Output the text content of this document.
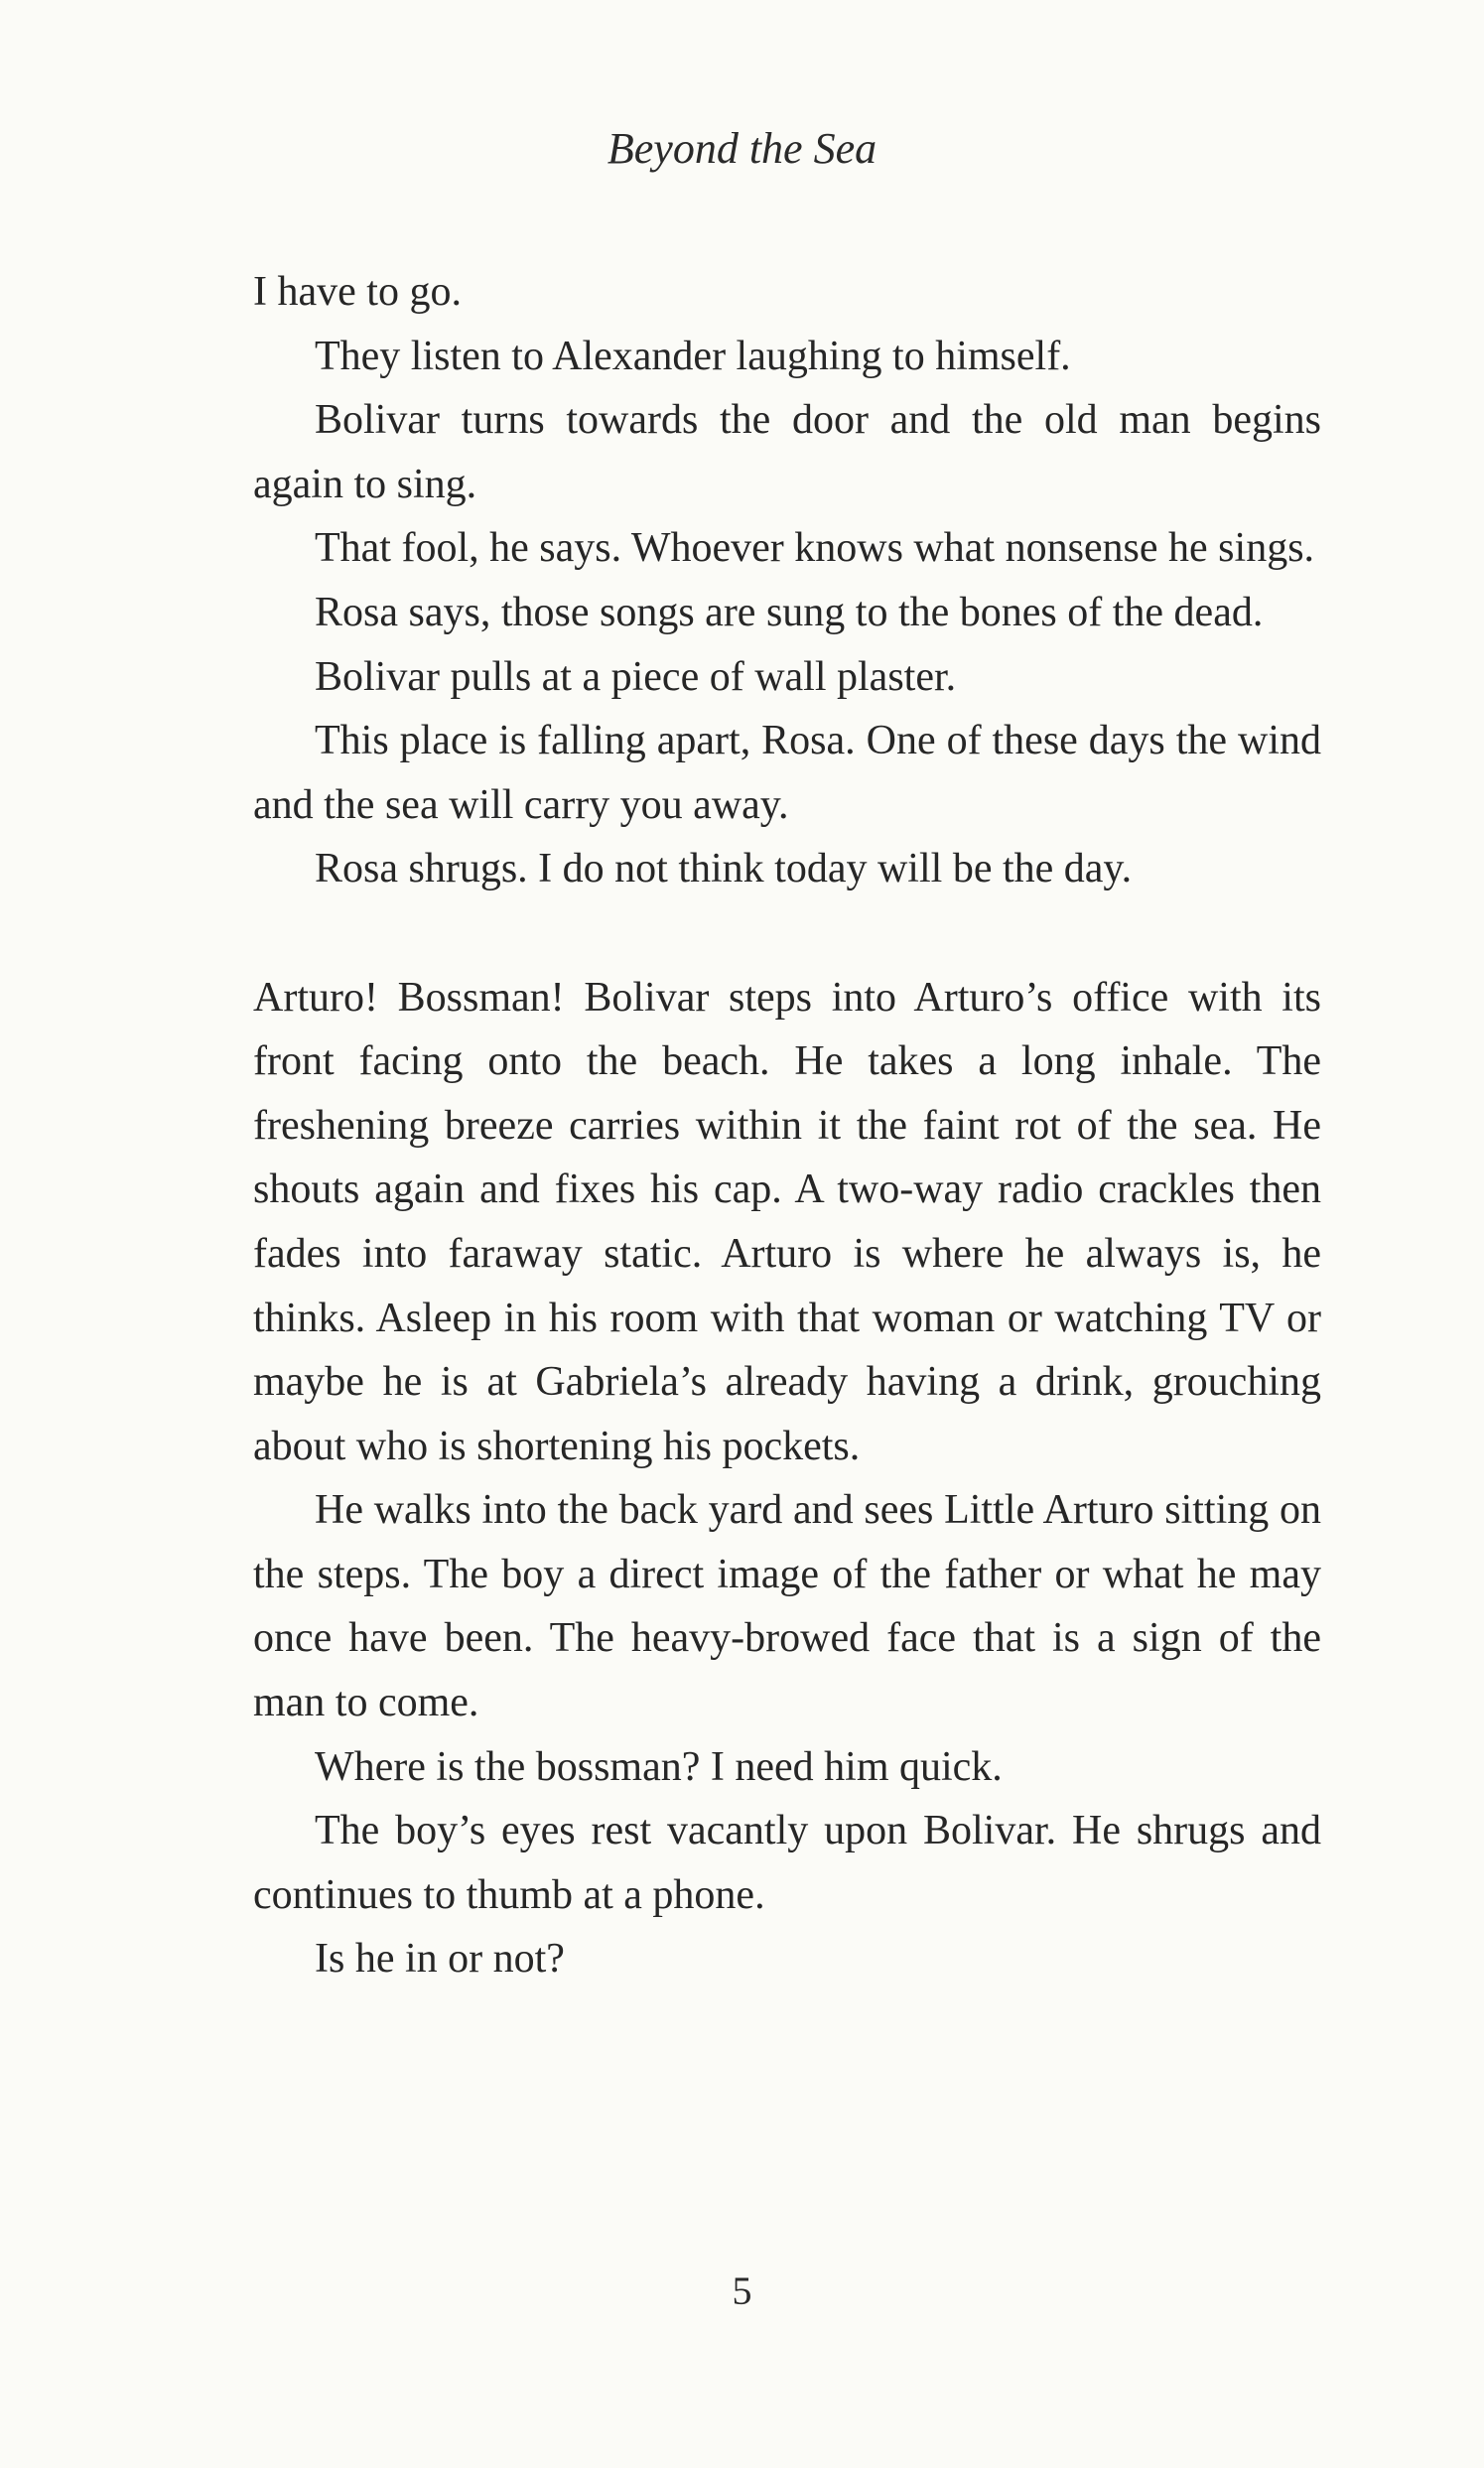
Beyond the Sea

I have to go.

They listen to Alexander laughing to himself.

Bolivar turns towards the door and the old man begins again to sing.

That fool, he says. Whoever knows what nonsense he sings.

Rosa says, those songs are sung to the bones of the dead.

Bolivar pulls at a piece of wall plaster.

This place is falling apart, Rosa. One of these days the wind and the sea will carry you away.

Rosa shrugs. I do not think today will be the day.

Arturo! Bossman! Bolivar steps into Arturo’s office with its front facing onto the beach. He takes a long inhale. The freshening breeze carries within it the faint rot of the sea. He shouts again and fixes his cap. A two-way radio crackles then fades into faraway static. Arturo is where he always is, he thinks. Asleep in his room with that woman or watching TV or maybe he is at Gabriela’s already having a drink, grouching about who is shortening his pockets.

He walks into the back yard and sees Little Arturo sitting on the steps. The boy a direct image of the father or what he may once have been. The heavy-browed face that is a sign of the man to come.

Where is the bossman? I need him quick.

The boy’s eyes rest vacantly upon Bolivar. He shrugs and continues to thumb at a phone.

Is he in or not?

5
